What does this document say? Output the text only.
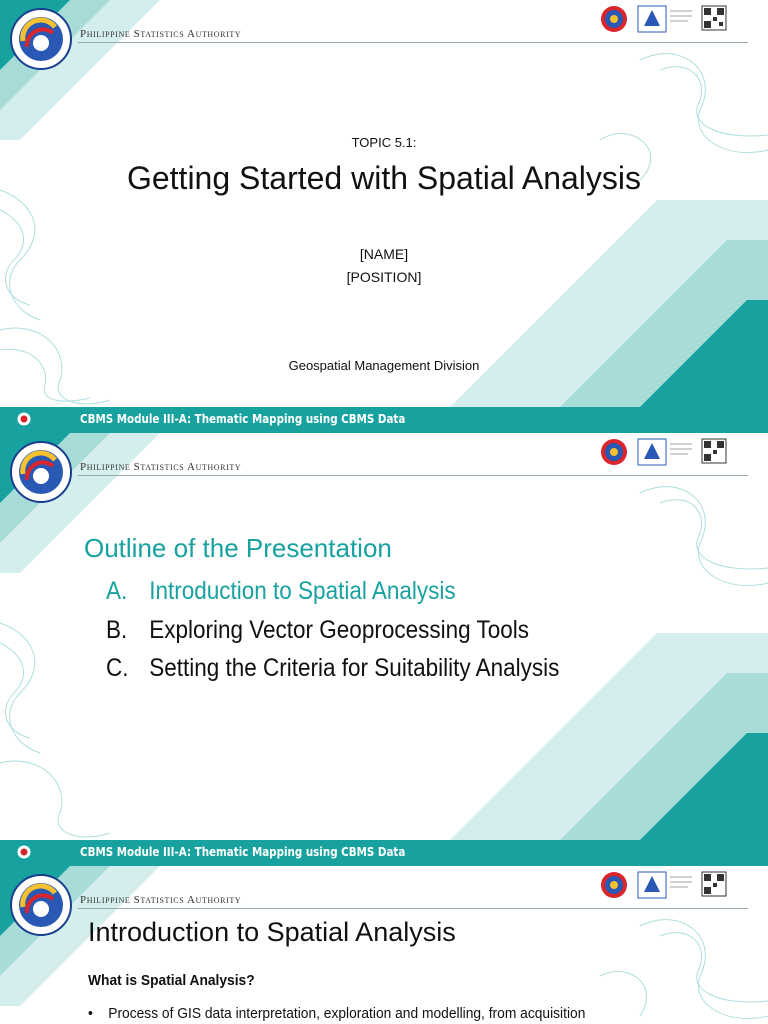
Philippine Statistics Authority
TOPIC 5.1:
Getting Started with Spatial Analysis
[NAME]
[POSITION]
Geospatial Management Division
CBMS Module III-A: Thematic Mapping using CBMS Data
Philippine Statistics Authority
Outline of the Presentation
A. Introduction to Spatial Analysis
B. Exploring Vector Geoprocessing Tools
C. Setting the Criteria for Suitability Analysis
CBMS Module III-A: Thematic Mapping using CBMS Data
Philippine Statistics Authority
Introduction to Spatial Analysis
What is Spatial Analysis?
• Process of GIS data interpretation, exploration and modelling, from acquisition
